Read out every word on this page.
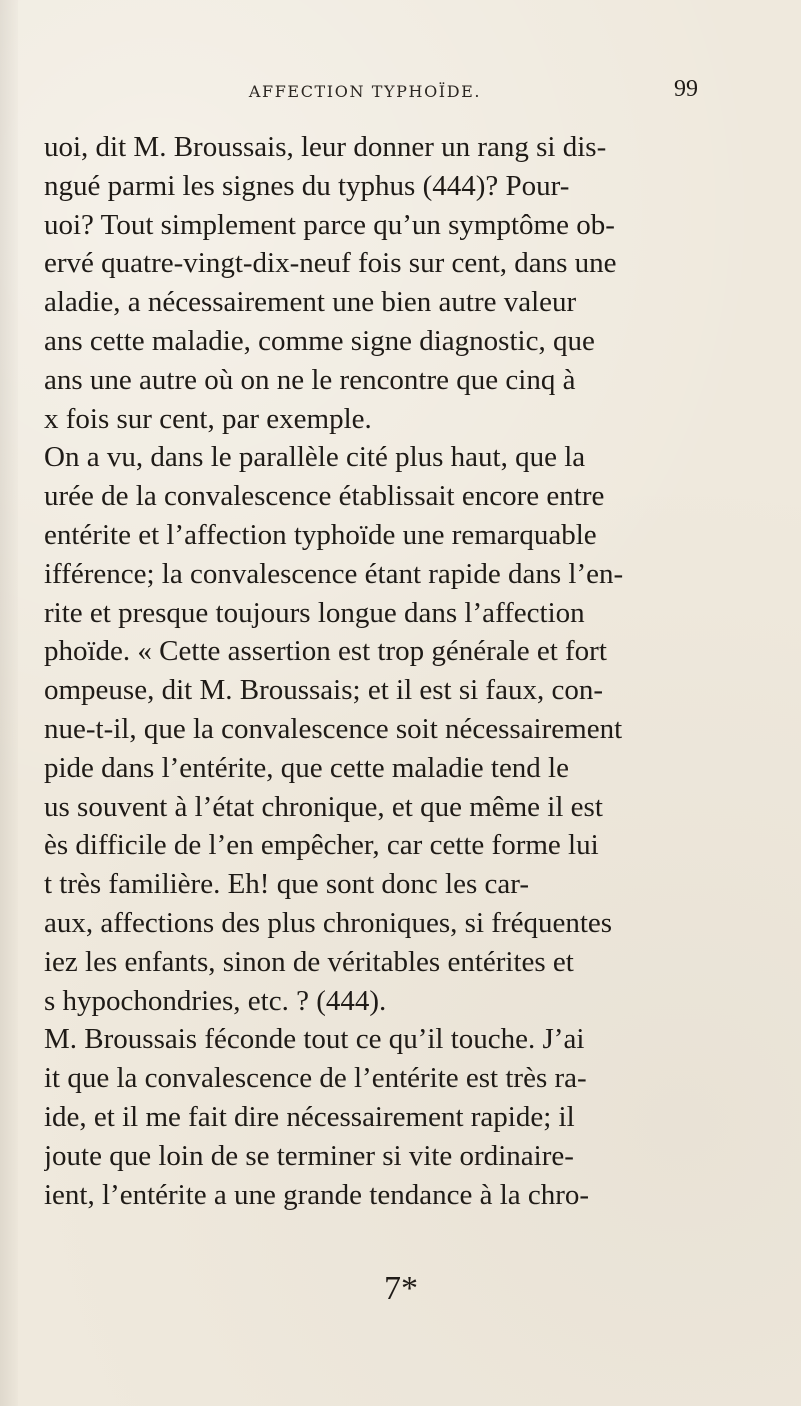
AFFECTION TYPHOÏDE.	99
uoi, dit M. Broussais, leur donner un rang si dis-
ngué parmi les signes du typhus (444)? Pour-
uoi? Tout simplement parce qu’un symptôme ob-
ervé quatre-vingt-dix-neuf fois sur cent, dans une
aladie, a nécessairement une bien autre valeur
ans cette maladie, comme signe diagnostic, que
ans une autre où on ne le rencontre que cinq à
x fois sur cent, par exemple.
On a vu, dans le parallèle cité plus haut, que la
urée de la convalescence établissait encore entre
entérite et l’affection typhoïde une remarquable
ifférence; la convalescence étant rapide dans l’en-
rite et presque toujours longue dans l’affection
phoïde. « Cette assertion est trop générale et fort
ompeuse, dit M. Broussais; et il est si faux, con-
nue-t-il, que la convalescence soit nécessairement
pide dans l’entérite, que cette maladie tend le
us souvent à l’état chronique, et que même il est
ès difficile de l’en empêcher, car cette forme lui
t très familière. Eh! que sont donc les car-
aux, affections des plus chroniques, si fréquentes
iez les enfants, sinon de véritables entérites et
s hypochondries, etc. ? (444).
M. Broussais féconde tout ce qu’il touche. J’ai
it que la convalescence de l’entérite est très ra-
ide, et il me fait dire nécessairement rapide; il
joute que loin de se terminer si vite ordinaire-
ient, l’entérite a une grande tendance à la chro-
7*
